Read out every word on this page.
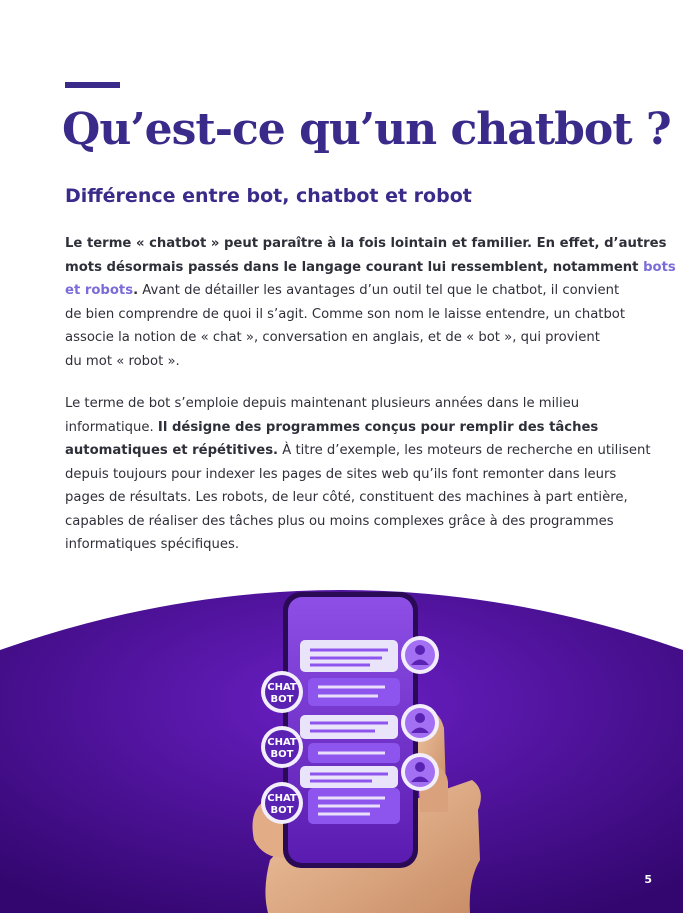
Qu’est-ce qu’un chatbot ?
Différence entre bot, chatbot et robot

Le terme « chatbot » peut paraître à la fois lointain et familier. En effet, d’autres
mots désormais passés dans le langage courant lui ressemblent, notamment bots
et robots. Avant de détailler les avantages d’un outil tel que le chatbot, il convient
de bien comprendre de quoi il s’agit. Comme son nom le laisse entendre, un chatbot
associe la notion de « chat », conversation en anglais, et de « bot », qui provient
du mot « robot ».

Le terme de bot s’emploie depuis maintenant plusieurs années dans le milieu
informatique. Il désigne des programmes conçus pour remplir des tâches
automatiques et répétitives. À titre d’exemple, les moteurs de recherche en utilisent
depuis toujours pour indexer les pages de sites web qu’ils font remonter dans leurs
pages de résultats. Les robots, de leur côté, constituent des machines à part entière,
capables de réaliser des tâches plus ou moins complexes grâce à des programmes
informatiques spécifiques.

CHAT
BOT
CHAT
BOT
CHAT
BOT
5
